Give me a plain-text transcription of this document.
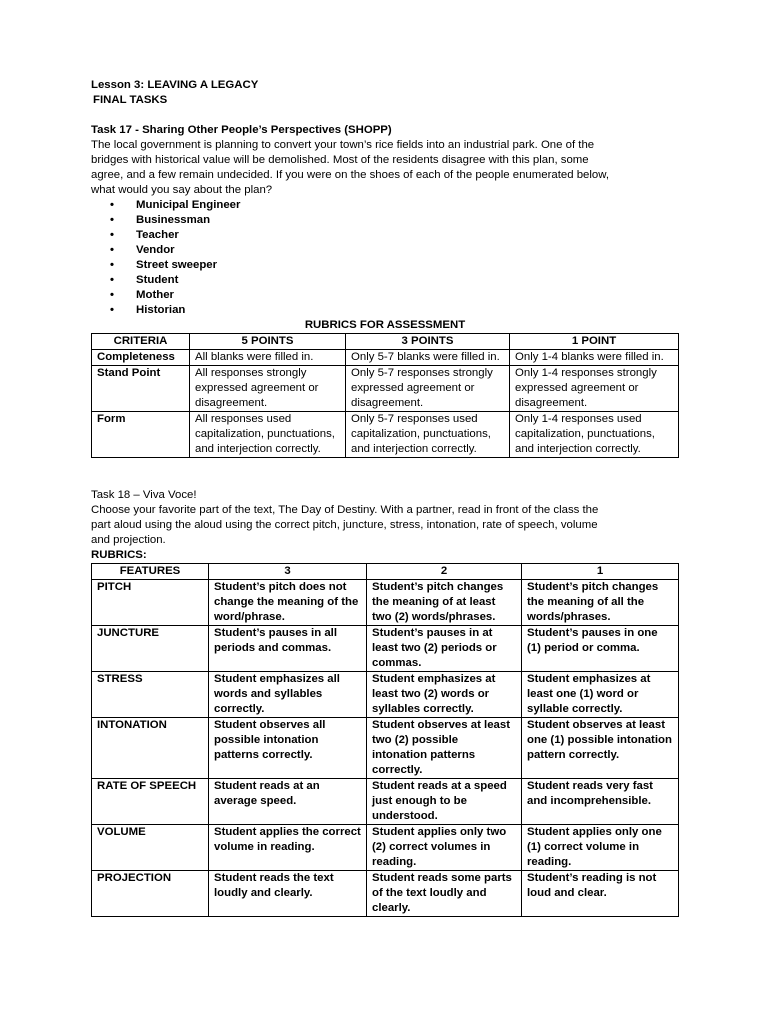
Lesson 3: LEAVING A LEGACY
FINAL TASKS
Task 17 - Sharing Other People’s Perspectives (SHOPP)
The local government is planning to convert your town’s rice fields into an industrial park. One of the
bridges with historical value will be demolished. Most of the residents disagree with this plan, some
agree, and a few remain undecided. If you were on the shoes of each of the people enumerated below,
what would you say about the plan?
• Municipal Engineer
• Businessman
• Teacher
• Vendor
• Street sweeper
• Student
• Mother
• Historian
RUBRICS FOR ASSESSMENT
CRITERIA	5 POINTS	3 POINTS	1 POINT
Completeness	All blanks were filled in.	Only 5-7 blanks were filled in.	Only 1-4 blanks were filled in.
Stand Point	All responses strongly expressed agreement or disagreement.	Only 5-7 responses strongly expressed agreement or disagreement.	Only 1-4 responses strongly expressed agreement or disagreement.
Form	All responses used capitalization, punctuations, and interjection correctly.	Only 5-7 responses used capitalization, punctuations, and interjection correctly.	Only 1-4 responses used capitalization, punctuations, and interjection correctly.
Task 18 – Viva Voce!
Choose your favorite part of the text, The Day of Destiny. With a partner, read in front of the class the
part aloud using the aloud using the correct pitch, juncture, stress, intonation, rate of speech, volume
and projection.
RUBRICS:
FEATURES	3	2	1
PITCH	Student’s pitch does not change the meaning of the word/phrase.	Student’s pitch changes the meaning of at least two (2) words/phrases.	Student’s pitch changes the meaning of all the words/phrases.
JUNCTURE	Student’s pauses in all periods and commas.	Student’s pauses in at least two (2) periods or commas.	Student’s pauses in one (1) period or comma.
STRESS	Student emphasizes all words and syllables correctly.	Student emphasizes at least two (2) words or syllables correctly.	Student emphasizes at least one (1) word or syllable correctly.
INTONATION	Student observes all possible intonation patterns correctly.	Student observes at least two (2) possible intonation patterns correctly.	Student observes at least one (1) possible intonation pattern correctly.
RATE OF SPEECH	Student reads at an average speed.	Student reads at a speed just enough to be understood.	Student reads very fast and incomprehensible.
VOLUME	Student applies the correct volume in reading.	Student applies only two (2) correct volumes in reading.	Student applies only one (1) correct volume in reading.
PROJECTION	Student reads the text loudly and clearly.	Student reads some parts of the text loudly and clearly.	Student’s reading is not loud and clear.
